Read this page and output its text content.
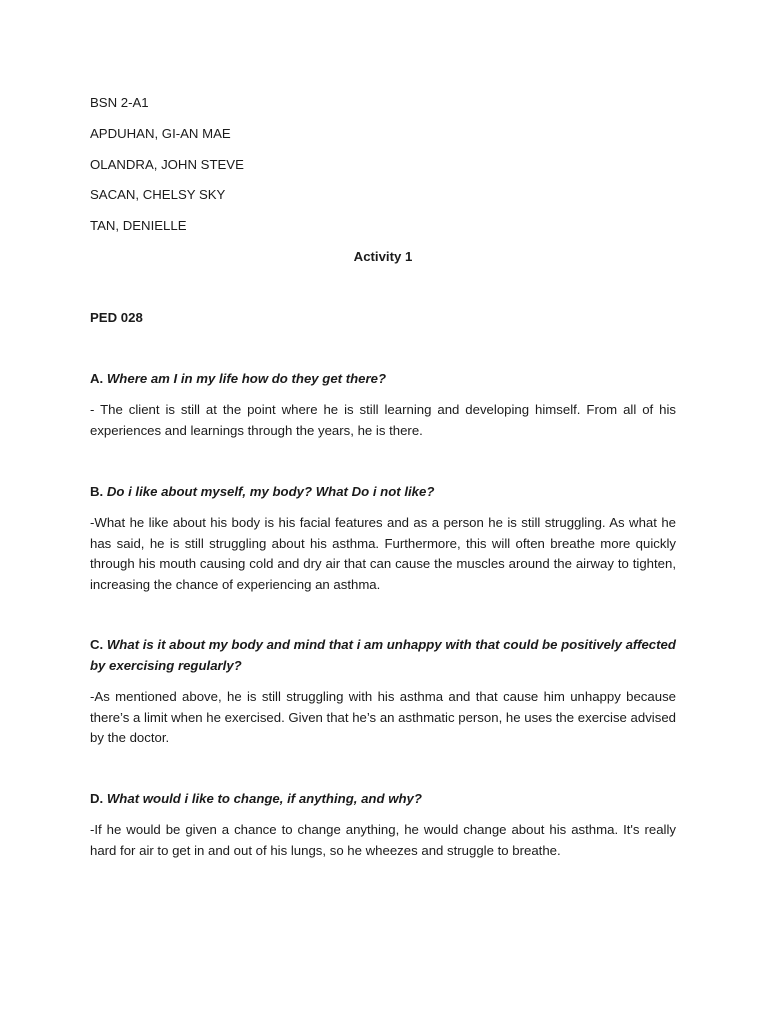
BSN 2-A1
APDUHAN, GI-AN MAE
OLANDRA, JOHN STEVE
SACAN, CHELSY SKY
TAN, DENIELLE
Activity 1
PED 028
A. Where am I in my life how do they get there?
- The client is still at the point where he is still learning and developing himself. From all of his experiences and learnings through the years, he is there.
B. Do i like about myself, my body? What Do i not like?
-What he like about his body is his facial features and as a person he is still struggling. As what he has said, he is still struggling about his asthma. Furthermore, this will often breathe more quickly through his mouth causing cold and dry air that can cause the muscles around the airway to tighten, increasing the chance of experiencing an asthma.
C. What is it about my body and mind that i am unhappy with that could be positively affected by exercising regularly?
-As mentioned above, he is still struggling with his asthma and that cause him unhappy because there’s a limit when he exercised. Given that he’s an asthmatic person, he uses the exercise advised by the doctor.
D. What would i like to change, if anything, and why?
-If he would be given a chance to change anything, he would change about his asthma. It's really hard for air to get in and out of his lungs, so he wheezes and struggle to breathe.
